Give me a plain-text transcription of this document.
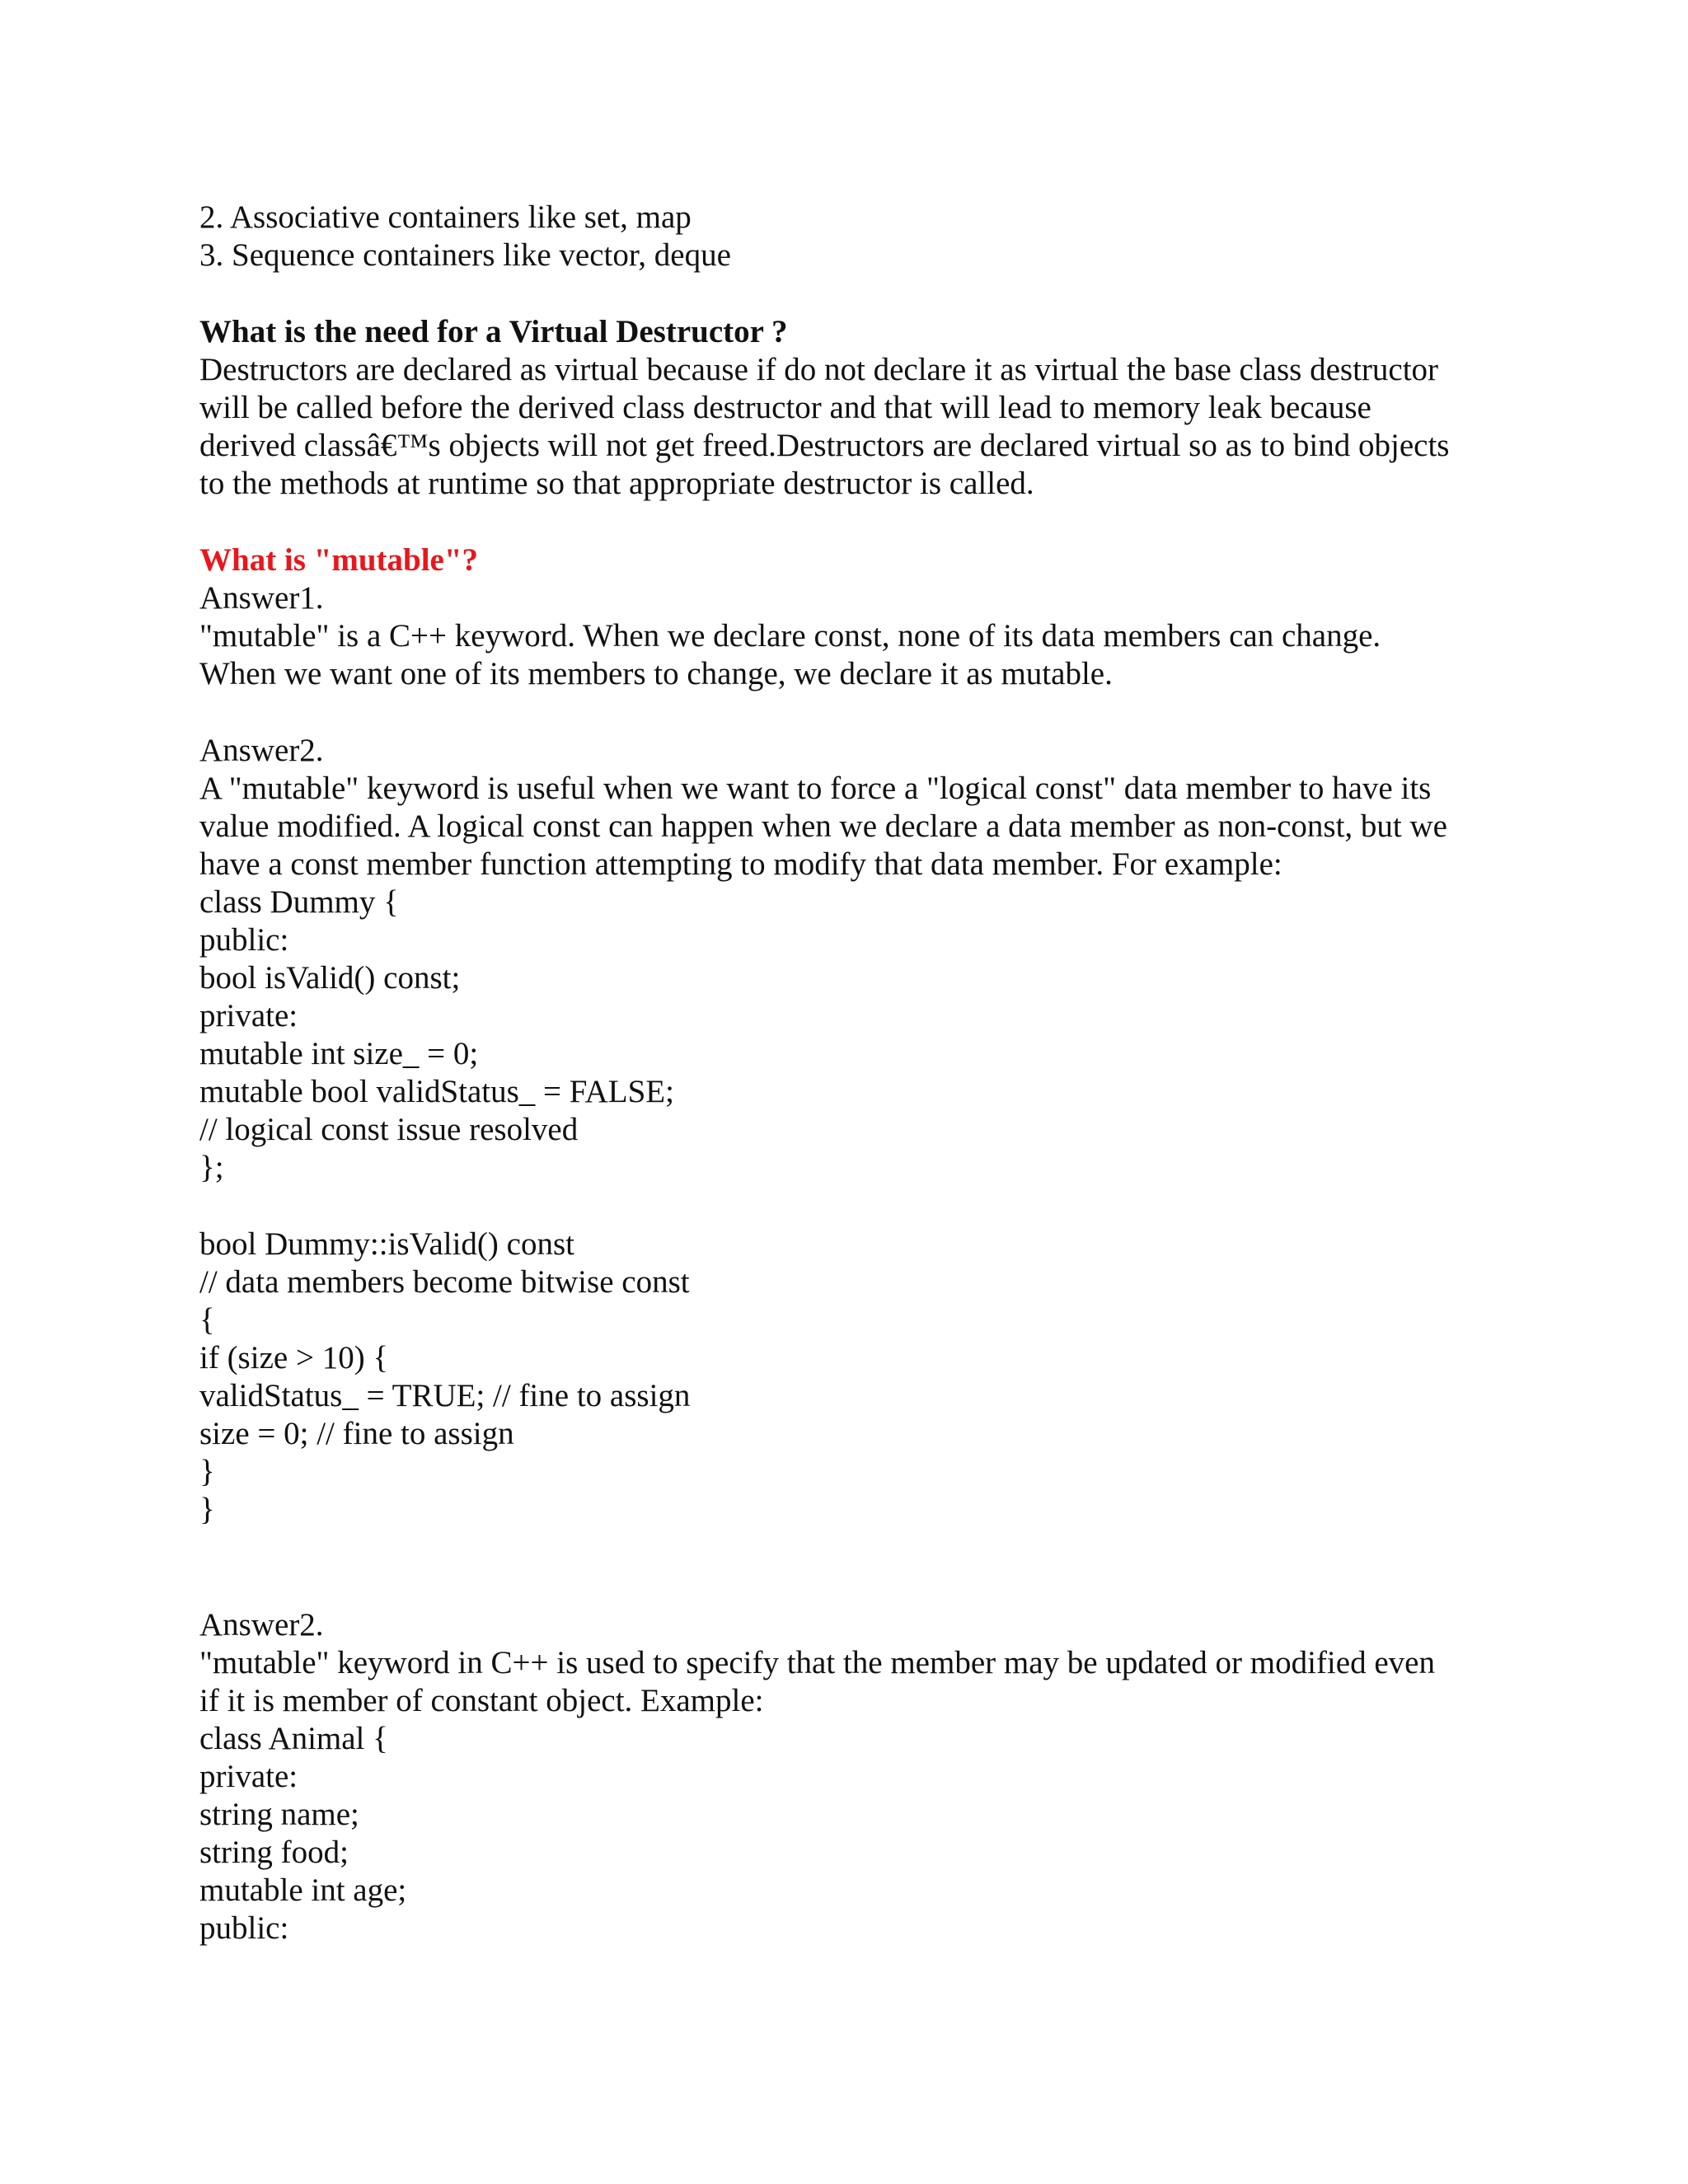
2. Associative containers like set, map

3. Sequence containers like vector, deque

What is the need for a Virtual Destructor ?

Destructors are declared as virtual because if do not declare it as virtual the base class destructor

will be called before the derived class destructor and that will lead to memory leak because

derived classâ€™s objects will not get freed.Destructors are declared virtual so as to bind objects

to the methods at runtime so that appropriate destructor is called.

What is "mutable"?

Answer1.

"mutable" is a C++ keyword. When we declare const, none of its data members can change.

When we want one of its members to change, we declare it as mutable.

Answer2.

A "mutable" keyword is useful when we want to force a "logical const" data member to have its

value modified. A logical const can happen when we declare a data member as non-const, but we

have a const member function attempting to modify that data member. For example:

class Dummy {

public:

bool isValid() const;

private:

mutable int size_ = 0;

mutable bool validStatus_ = FALSE;

// logical const issue resolved

};

bool Dummy::isValid() const

// data members become bitwise const

{

if (size > 10) {

validStatus_ = TRUE; // fine to assign

size = 0; // fine to assign

}

}

Answer2.

"mutable" keyword in C++ is used to specify that the member may be updated or modified even

if it is member of constant object. Example:

class Animal {

private:

string name;

string food;

mutable int age;

public:
